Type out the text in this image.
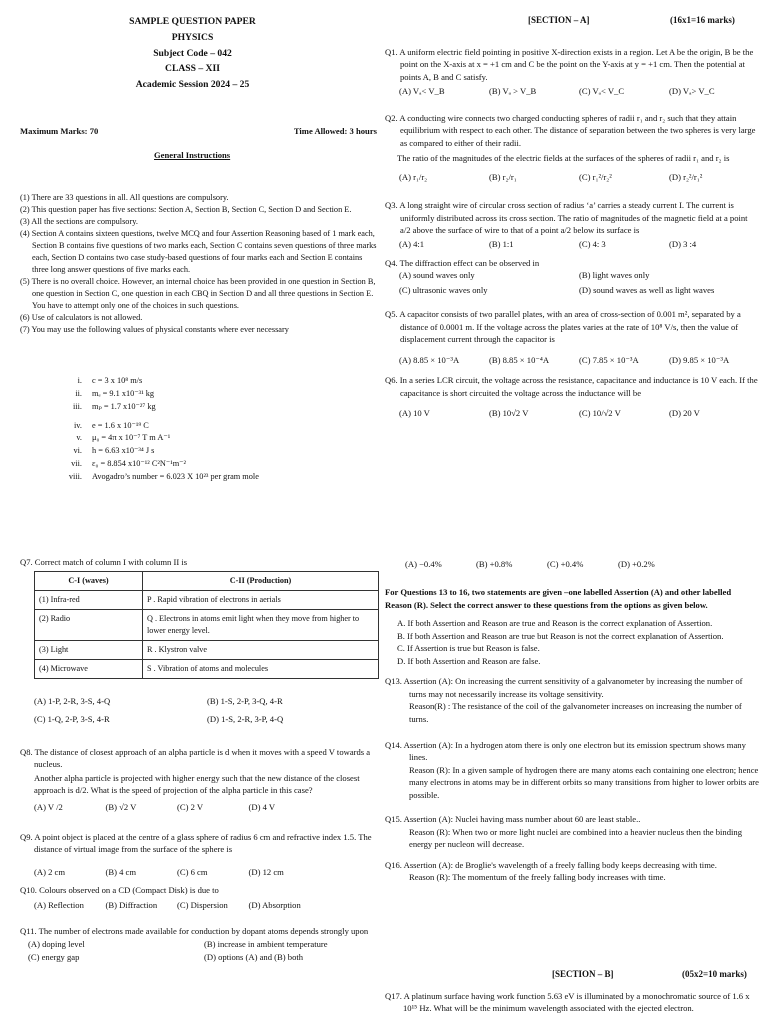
SAMPLE QUESTION PAPER
PHYSICS
Subject Code – 042
CLASS – XII
Academic Session 2024 – 25
Maximum Marks: 70	Time Allowed: 3 hours
General Instructions
(1) There are 33 questions in all. All questions are compulsory.
(2) This question paper has five sections: Section A, Section B, Section C, Section D and Section E.
(3) All the sections are compulsory.
(4) Section A contains sixteen questions, twelve MCQ and four Assertion Reasoning based of 1 mark each, Section B contains five questions of two marks each, Section C contains seven questions of three marks each, Section D contains two case study-based questions of four marks each and Section E contains three long answer questions of five marks each.
(5) There is no overall choice. However, an internal choice has been provided in one question in Section B, one question in Section C, one question in each CBQ in Section D and all three questions in Section E. You have to attempt only one of the choices in such questions.
(6) Use of calculators is not allowed.
(7) You may use the following values of physical constants where ever necessary
i.	c = 3 x 10⁸ m/s
ii.	mₑ = 9.1 x10⁻³¹ kg
iii.	mₚ = 1.7 x10⁻²⁷ kg
iv.	e = 1.6 x 10⁻¹⁹ C
v.	μ₀ = 4π x 10⁻⁷ T m A⁻¹
vi.	h = 6.63 x10⁻³⁴ J s
vii.	ε₀ = 8.854 x10⁻¹² C²N⁻¹m⁻²
viii.	Avogadro’s number = 6.023 X 10²³ per gram mole
[SECTION – A]	(16x1=16 marks)
Q1. A uniform electric field pointing in positive X-direction exists in a region. Let A be the origin, B be the point on the X-axis at x = +1 cm and C be the point on the Y-axis at y = +1 cm. Then the potential at points A, B and C satisfy.
(A) Vₐ< V_B	(B) Vₐ > V_B	(C) Vₐ< V_C	(D) Vₐ> V_C
Q2. A conducting wire connects two charged conducting spheres of radii r₁ and r₂ such that they attain equilibrium with respect to each other. The distance of separation between the two spheres is very large as compared to either of their radii.
The ratio of the magnitudes of the electric fields at the surfaces of the spheres of radii r₁ and r₂ is
(A) r₁/r₂	(B) r₂/r₁	(C) r₁²/r₂²	(D) r₂²/r₁²
Q3. A long straight wire of circular cross section of radius ‘a’ carries a steady current I. The current is uniformly distributed across its cross section. The ratio of magnitudes of the magnetic field at a point a/2 above the surface of wire to that of a point a/2 below its surface is
(A) 4:1	(B) 1:1	(C) 4: 3	(D) 3 :4
Q4. The diffraction effect can be observed in
(A) sound waves only	(B) light waves only
(C) ultrasonic waves only	(D) sound waves as well as light waves
Q5. A capacitor consists of two parallel plates, with an area of cross-section of 0.001 m², separated by a distance of 0.0001 m. If the voltage across the plates varies at the rate of 10⁸ V/s, then the value of displacement current through the capacitor is
(A) 8.85 × 10⁻³A	(B) 8.85 × 10⁻⁴A	(C) 7.85 × 10⁻³A	(D) 9.85 × 10⁻³A
Q6. In a series LCR circuit, the voltage across the resistance, capacitance and inductance is 10 V each. If the capacitance is short circuited the voltage across the inductance will be
(A) 10 V	(B) 10√2 V	(C) 10/√2 V	(D) 20 V
Q7. Correct match of column I with column II is
C-I (waves)	C-II (Production)
(1) Infra-red	P . Rapid vibration of electrons in aerials
(2) Radio	Q . Electrons in atoms emit light when they move from higher to lower energy level.
(3) Light	R . Klystron valve
(4) Microwave	S . Vibration of atoms and molecules
(A) 1-P, 2-R, 3-S, 4-Q	(B) 1-S, 2-P, 3-Q, 4-R
(C) 1-Q, 2-P, 3-S, 4-R	(D) 1-S, 2-R, 3-P, 4-Q
Q8. The distance of closest approach of an alpha particle is d when it moves with a speed V towards a nucleus.
Another alpha particle is projected with higher energy such that the new distance of the closest approach is d/2. What is the speed of projection of the alpha particle in this case?
(A) V /2	(B) √2 V	(C) 2 V	(D) 4 V
Q9. A point object is placed at the centre of a glass sphere of radius 6 cm and refractive index 1.5. The distance of virtual image from the surface of the sphere is
(A) 2 cm	(B) 4 cm	(C) 6 cm	(D) 12 cm
Q10. Colours observed on a CD (Compact Disk) is due to
(A) Reflection	(B) Diffraction	(C) Dispersion	(D) Absorption
Q11. The number of electrons made available for conduction by dopant atoms depends strongly upon
(A) doping level	(B) increase in ambient temperature
(C) energy gap	(D) options (A) and (B) both
(A) −0.4%	(B) +0.8%	(C) +0.4%	(D) +0.2%
For Questions 13 to 16, two statements are given –one labelled Assertion (A) and other labelled Reason (R). Select the correct answer to these questions from the options as given below.
A. If both Assertion and Reason are true and Reason is the correct explanation of Assertion.
B. If both Assertion and Reason are true but Reason is not the correct explanation of Assertion.
C. If Assertion is true but Reason is false.
D. If both Assertion and Reason are false.
Q13. Assertion (A): On increasing the current sensitivity of a galvanometer by increasing the number of turns may not necessarily increase its voltage sensitivity.
Reason(R) : The resistance of the coil of the galvanometer increases on increasing the number of turns.
Q14. Assertion (A): In a hydrogen atom there is only one electron but its emission spectrum shows many lines.
Reason (R): In a given sample of hydrogen there are many atoms each containing one electron; hence many electrons in atoms may be in different orbits so many transitions from higher to lower orbits are possible.
Q15. Assertion (A): Nuclei having mass number about 60 are least stable..
Reason (R): When two or more light nuclei are combined into a heavier nucleus then the binding energy per nucleon will decrease.
Q16. Assertion (A): de Broglie's wavelength of a freely falling body keeps decreasing with time.
Reason (R): The momentum of the freely falling body increases with time.
[SECTION – B]	(05x2=10 marks)
Q17. A platinum surface having work function 5.63 eV is illuminated by a monochromatic source of 1.6 x 10¹⁵ Hz. What will be the minimum wavelength associated with the ejected electron.
